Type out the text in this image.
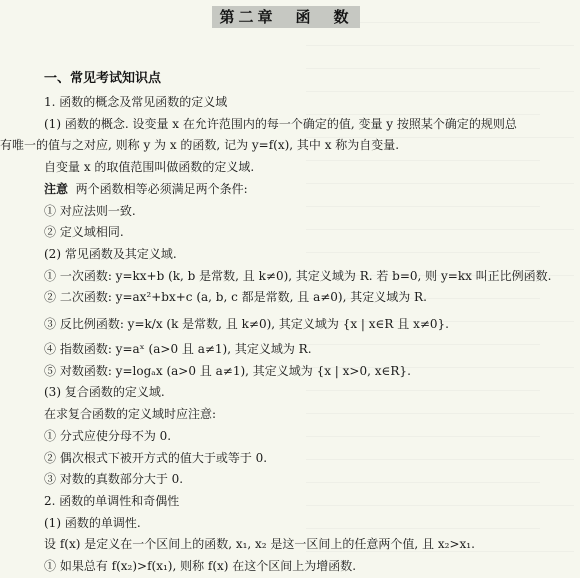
第二章　函　数
一、常见考试知识点

1. 函数的概念及常见函数的定义域

(1) 函数的概念. 设变量 x 在允许范围内的每一个确定的值, 变量 y 按照某个确定的规则总

有唯一的值与之对应, 则称 y 为 x 的函数, 记为 y=f(x), 其中 x 称为自变量.

自变量 x 的取值范围叫做函数的定义域.

注意 两个函数相等必须满足两个条件:

① 对应法则一致.

② 定义域相同.

(2) 常见函数及其定义域.

① 一次函数: y=kx+b (k, b 是常数, 且 k≠0), 其定义域为 R. 若 b=0, 则 y=kx 叫正比例函数.

② 二次函数: y=ax²+bx+c (a, b, c 都是常数, 且 a≠0), 其定义域为 R.

③ 反比例函数: y=k/x (k 是常数, 且 k≠0), 其定义域为 {x | x∈R 且 x≠0}.

④ 指数函数: y=aˣ (a>0 且 a≠1), 其定义域为 R.

⑤ 对数函数: y=logₐx (a>0 且 a≠1), 其定义域为 {x | x>0, x∈R}.

(3) 复合函数的定义域.

在求复合函数的定义域时应注意:

① 分式应使分母不为 0.

② 偶次根式下被开方式的值大于或等于 0.

③ 对数的真数部分大于 0.

2. 函数的单调性和奇偶性

(1) 函数的单调性.

设 f(x) 是定义在一个区间上的函数, x₁, x₂ 是这一区间上的任意两个值, 且 x₂>x₁.

① 如果总有 f(x₂)>f(x₁), 则称 f(x) 在这个区间上为增函数.
